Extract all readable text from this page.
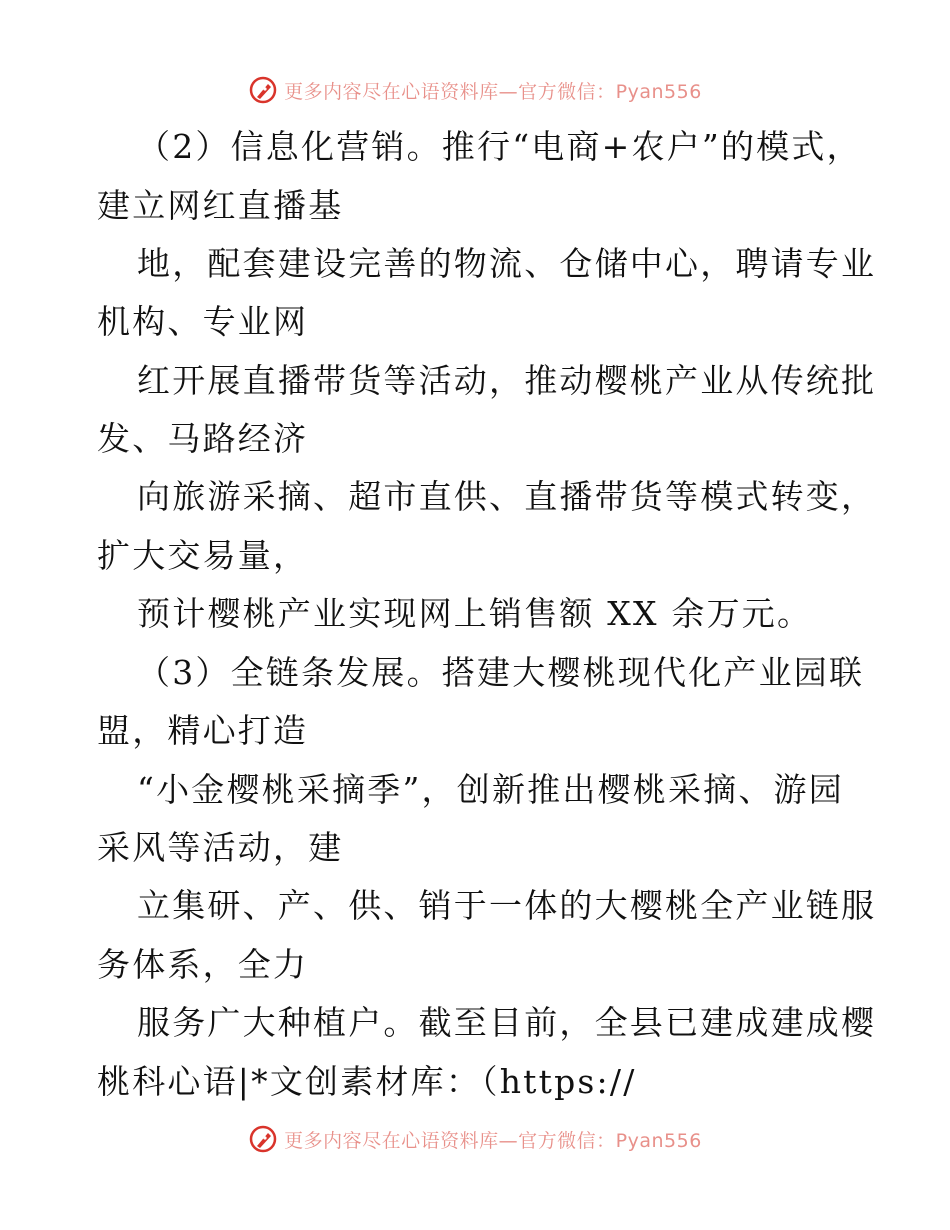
更多内容尽在心语资料库—官方微信：Pyan556
（2）信息化营销。推行“电商+农户”的模式，
建立网红直播基
地，配套建设完善的物流、仓储中心，聘请专业
机构、专业网
红开展直播带货等活动，推动樱桃产业从传统批
发、马路经济
向旅游采摘、超市直供、直播带货等模式转变，
扩大交易量，
预计樱桃产业实现网上销售额 XX 余万元。
（3）全链条发展。搭建大樱桃现代化产业园联
盟，精心打造
“小金樱桃采摘季”，创新推出樱桃采摘、游园
采风等活动，建
立集研、产、供、销于一体的大樱桃全产业链服
务体系，全力
服务广大种植户。截至目前，全县已建成建成樱
桃科心语|*文创素材库：（https://
更多内容尽在心语资料库—官方微信：Pyan556
